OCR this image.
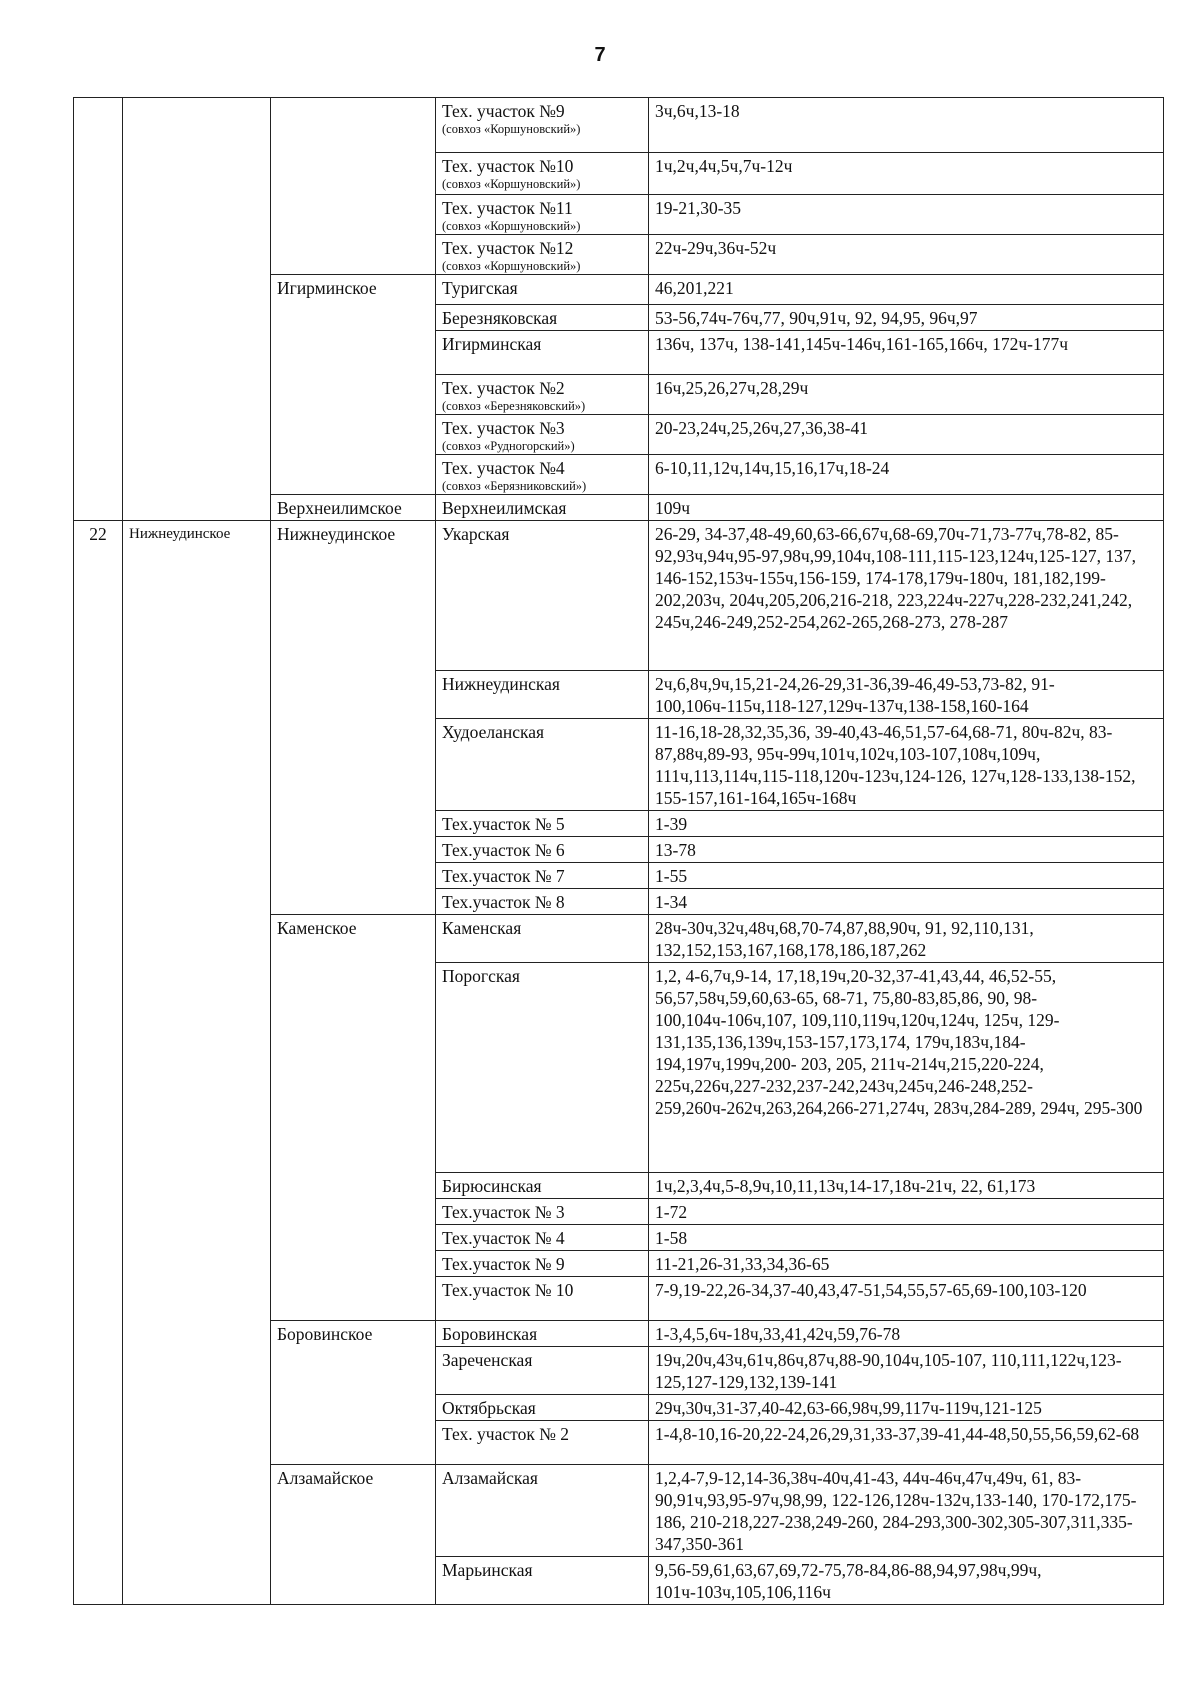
7

			Тех. участок №9
(совхоз «Коршуновский»)	3ч,6ч,13-18

			Тех. участок №10
(совхоз «Коршуновский»)	1ч,2ч,4ч,5ч,7ч-12ч

			Тех. участок №11
(совхоз «Коршуновский»)	19-21,30-35

			Тех. участок №12
(совхоз «Коршуновский»)	22ч-29ч,36ч-52ч
		Игирминское	Туригская	46,201,221

			Березняковская	53-56,74ч-76ч,77, 90ч,91ч, 92, 94,95, 96ч,97

			Игирминская	136ч, 137ч, 138-141,145ч-146ч,161-165,166ч, 172ч-177ч

			Тех. участок №2
(совхоз «Березняковский»)	16ч,25,26,27ч,28,29ч

			Тех. участок №3
(совхоз «Рудногорский»)	20-23,24ч,25,26ч,27,36,38-41

			Тех. участок №4
(совхоз «Берязниковский»)	6-10,11,12ч,14ч,15,16,17ч,18-24
		Верхнеилимское	Верхнеилимская	109ч
22	Нижнеудинское	Нижнеудинское	Укарская	26-29, 34-37,48-49,60,63-66,67ч,68-69,70ч-71,73-77ч,78-82, 85-92,93ч,94ч,95-97,98ч,99,104ч,108-111,115-123,124ч,125-127, 137, 146-152,153ч-155ч,156-159, 174-178,179ч-180ч, 181,182,199-202,203ч, 204ч,205,206,216-218, 223,224ч-227ч,228-232,241,242, 245ч,246-249,252-254,262-265,268-273, 278-287

			Нижнеудинская	2ч,6,8ч,9ч,15,21-24,26-29,31-36,39-46,49-53,73-82, 91-100,106ч-115ч,118-127,129ч-137ч,138-158,160-164

			Худоеланская	11-16,18-28,32,35,36, 39-40,43-46,51,57-64,68-71, 80ч-82ч, 83-87,88ч,89-93, 95ч-99ч,101ч,102ч,103-107,108ч,109ч, 111ч,113,114ч,115-118,120ч-123ч,124-126, 127ч,128-133,138-152, 155-157,161-164,165ч-168ч

			Тех.участок № 5	1-39

			Тех.участок № 6	13-78

			Тех.участок № 7	1-55

			Тех.участок № 8	1-34
		Каменское	Каменская	28ч-30ч,32ч,48ч,68,70-74,87,88,90ч, 91, 92,110,131, 132,152,153,167,168,178,186,187,262

			Порогская	1,2, 4-6,7ч,9-14, 17,18,19ч,20-32,37-41,43,44, 46,52-55, 56,57,58ч,59,60,63-65, 68-71, 75,80-83,85,86, 90, 98-100,104ч-106ч,107, 109,110,119ч,120ч,124ч, 125ч, 129-131,135,136,139ч,153-157,173,174, 179ч,183ч,184-194,197ч,199ч,200- 203, 205, 211ч-214ч,215,220-224, 225ч,226ч,227-232,237-242,243ч,245ч,246-248,252-259,260ч-262ч,263,264,266-271,274ч, 283ч,284-289, 294ч, 295-300

			Бирюсинская	1ч,2,3,4ч,5-8,9ч,10,11,13ч,14-17,18ч-21ч, 22, 61,173

			Тех.участок № 3	1-72

			Тех.участок № 4	1-58

			Тех.участок № 9	11-21,26-31,33,34,36-65

			Тех.участок № 10	7-9,19-22,26-34,37-40,43,47-51,54,55,57-65,69-100,103-120
		Боровинское	Боровинская	1-3,4,5,6ч-18ч,33,41,42ч,59,76-78

			Зареченская	19ч,20ч,43ч,61ч,86ч,87ч,88-90,104ч,105-107, 110,111,122ч,123-125,127-129,132,139-141

			Октябрьская	29ч,30ч,31-37,40-42,63-66,98ч,99,117ч-119ч,121-125

			Тех. участок № 2	1-4,8-10,16-20,22-24,26,29,31,33-37,39-41,44-48,50,55,56,59,62-68
		Алзамайское	Алзамайская	1,2,4-7,9-12,14-36,38ч-40ч,41-43, 44ч-46ч,47ч,49ч, 61, 83-90,91ч,93,95-97ч,98,99, 122-126,128ч-132ч,133-140, 170-172,175-186, 210-218,227-238,249-260, 284-293,300-302,305-307,311,335-347,350-361

			Марьинская	9,56-59,61,63,67,69,72-75,78-84,86-88,94,97,98ч,99ч, 101ч-103ч,105,106,116ч
